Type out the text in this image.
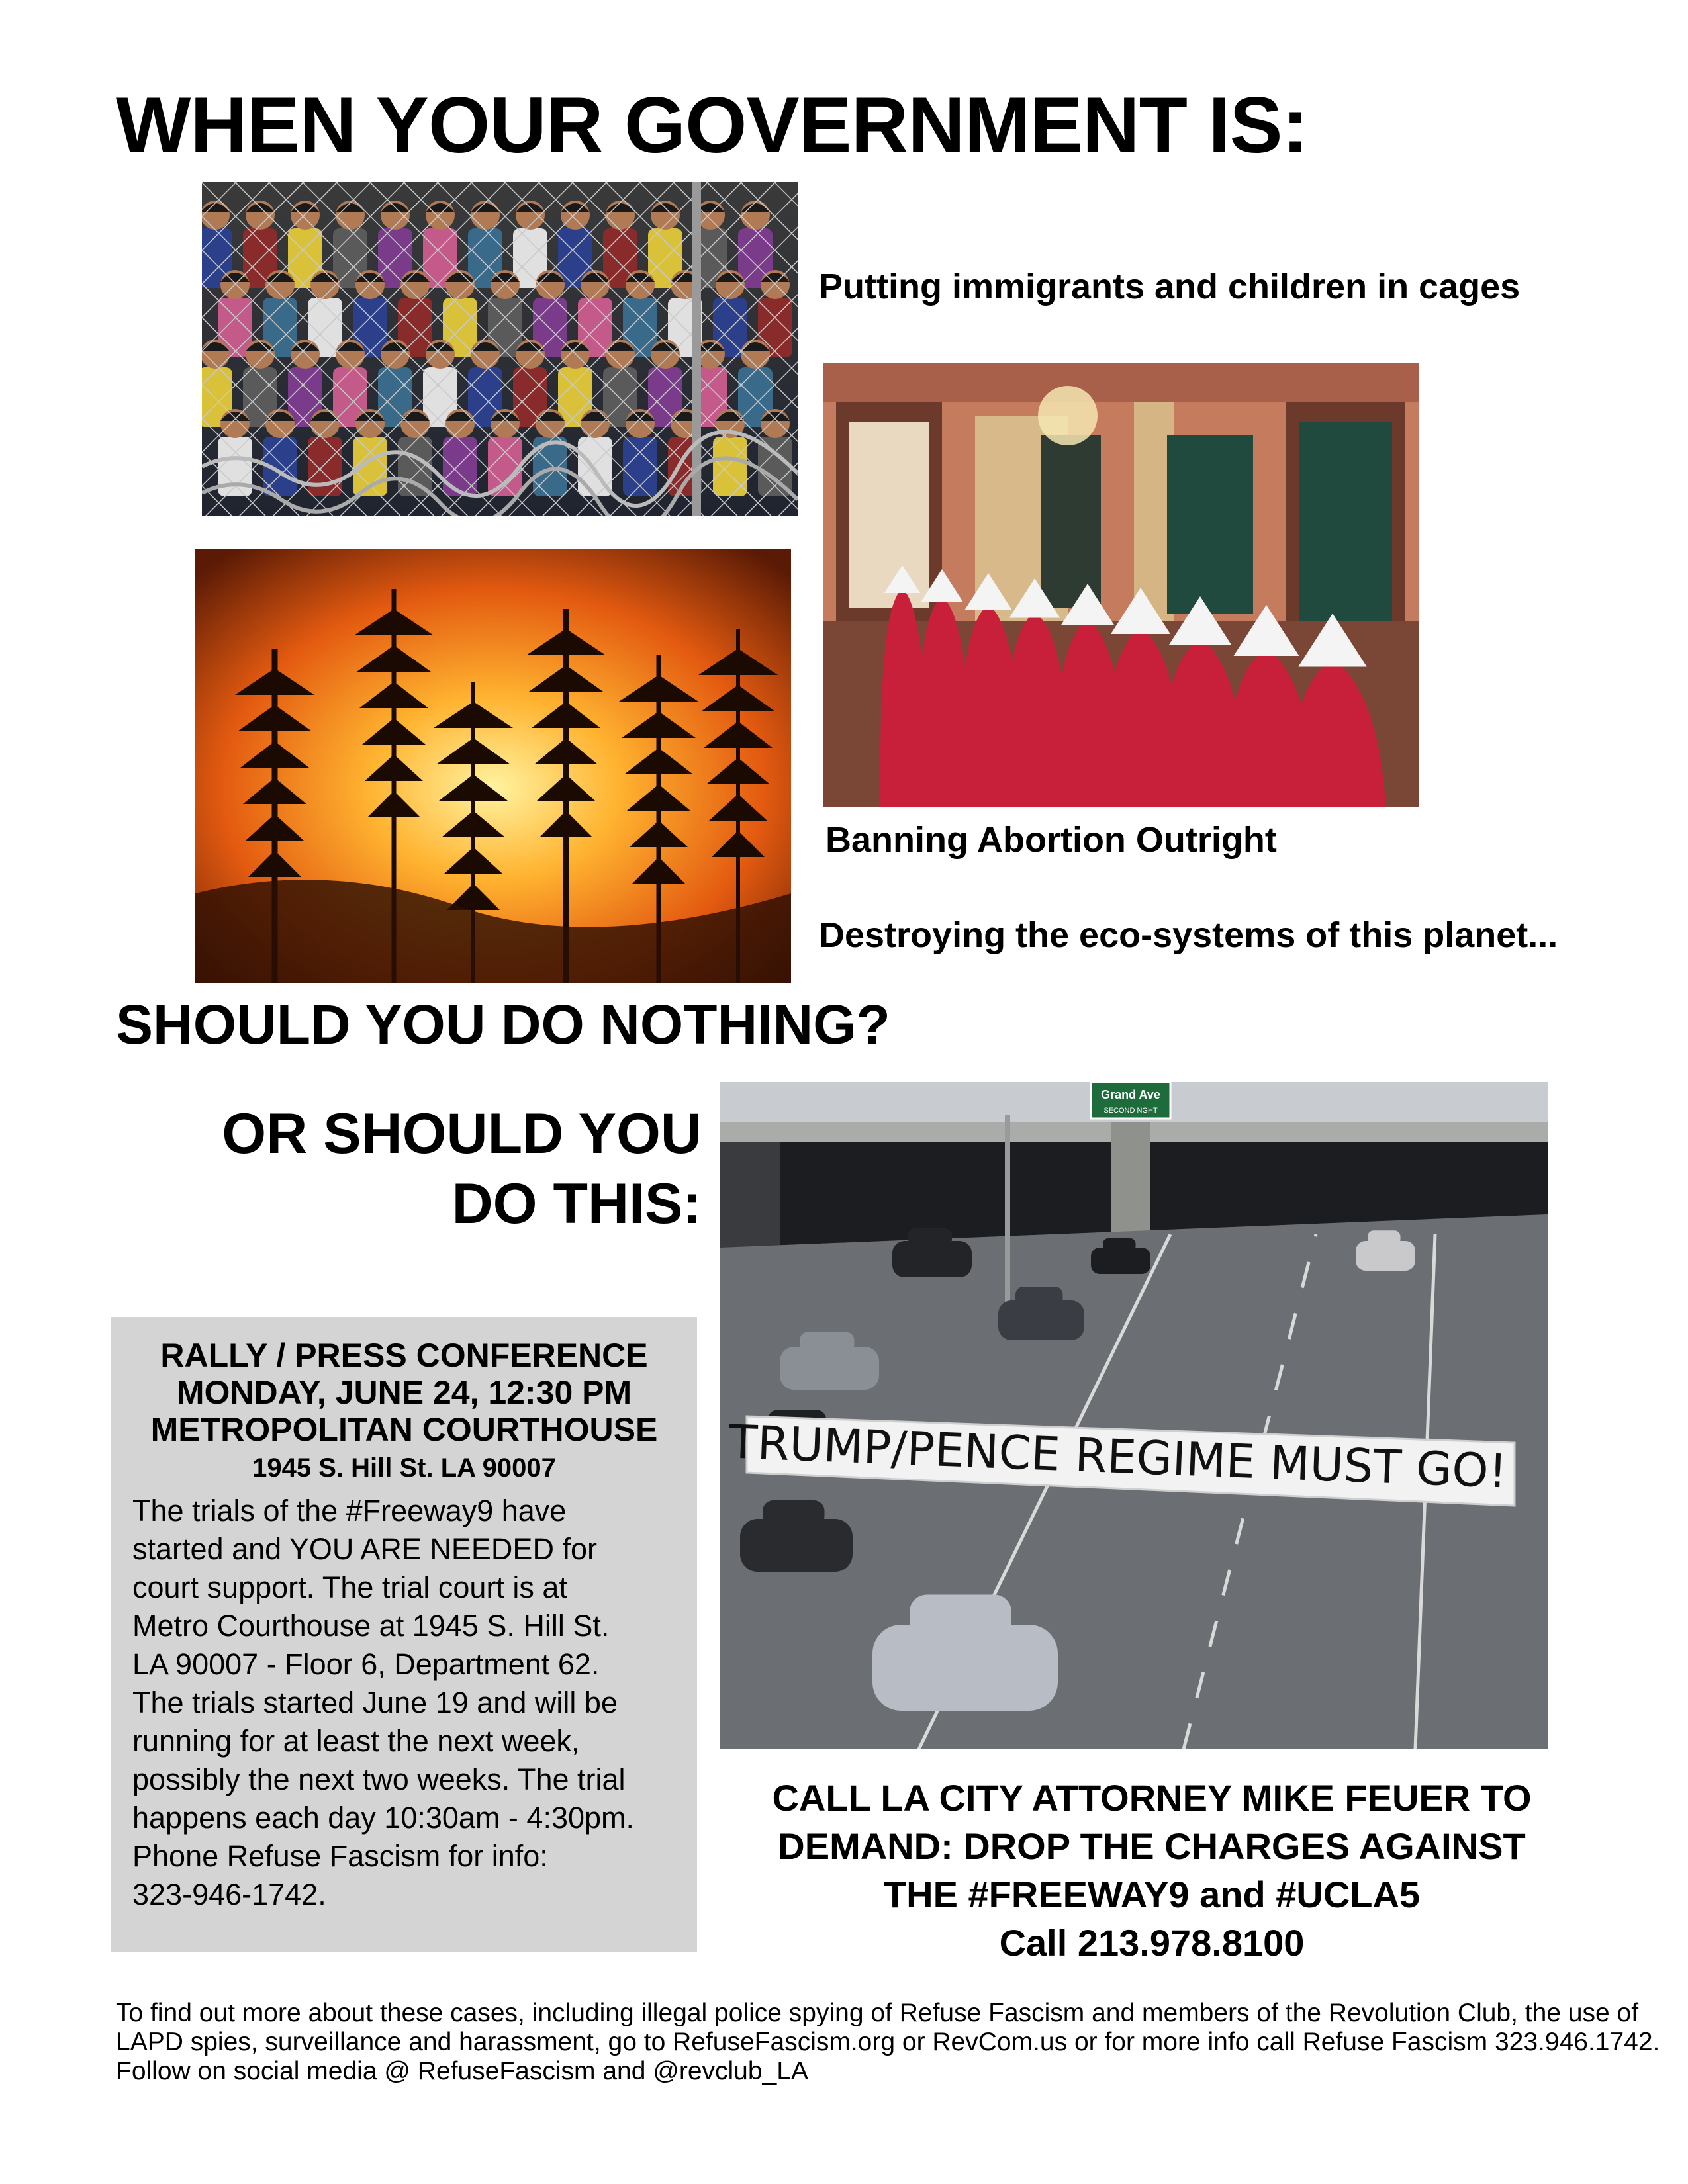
WHEN YOUR GOVERNMENT IS:
Putting immigrants and children in cages
Banning Abortion Outright
Destroying the eco-systems of this planet...
SHOULD YOU DO NOTHING?
OR SHOULD YOU
DO THIS:
Grand Ave
SECOND NGHT
TRUMP/PENCE REGIME MUST GO!
RALLY / PRESS CONFERENCE
MONDAY, JUNE 24, 12:30 PM
METROPOLITAN COURTHOUSE
1945 S. Hill St. LA 90007
The trials of the #Freeway9 have
started and YOU ARE NEEDED for
court support. The trial court is at
Metro Courthouse at 1945 S. Hill St.
LA 90007 - Floor 6, Department 62.
The trials started June 19 and will be
running for at least the next week,
possibly the next two weeks. The trial
happens each day 10:30am - 4:30pm.
Phone Refuse Fascism for info:
323-946-1742.
CALL LA CITY ATTORNEY MIKE FEUER TO
DEMAND: DROP THE CHARGES AGAINST
THE #FREEWAY9 and #UCLA5
Call 213.978.8100
To find out more about these cases, including illegal police spying of Refuse Fascism and members of the Revolution Club, the use of
LAPD spies, surveillance and harassment, go to RefuseFascism.org or RevCom.us or for more info call Refuse Fascism 323.946.1742.
Follow on social media @ RefuseFascism and @revclub_LA
